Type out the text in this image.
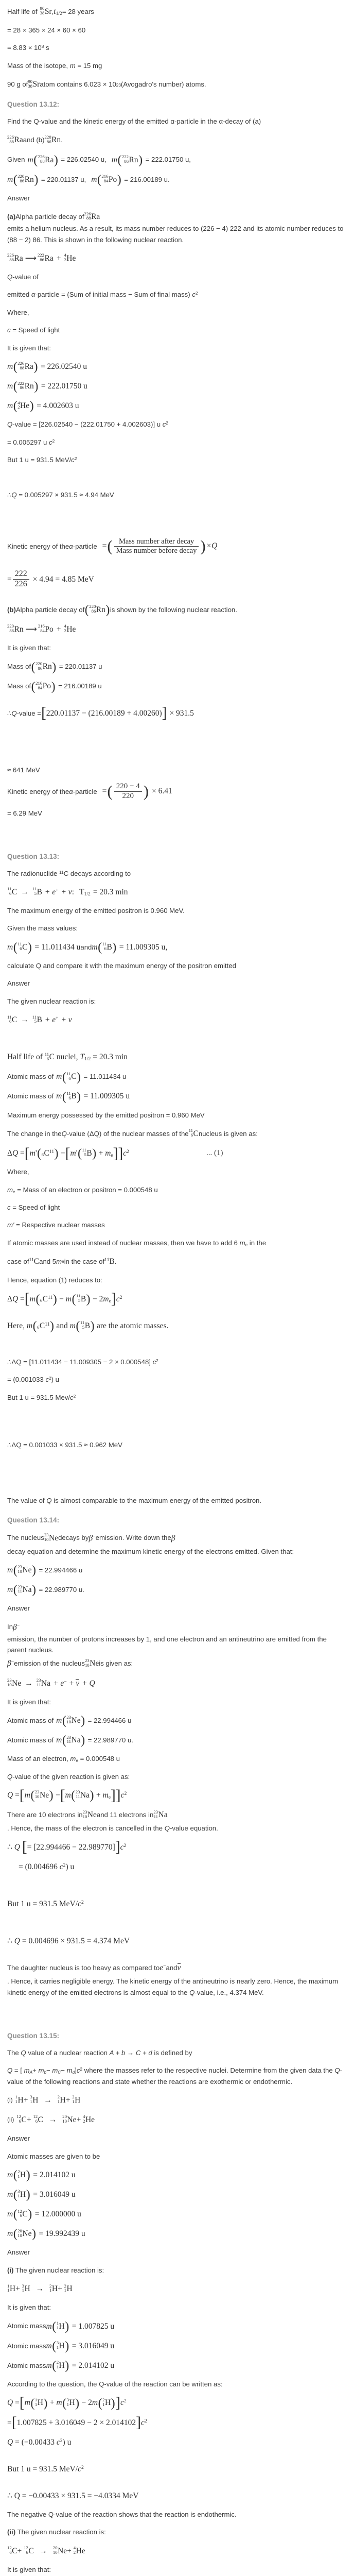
Half life of 90
38 Sr , $t_{1/2} = 28$ years

= 28 × 365 × 24 × 60 × 60

= $8.83 \times 10^8$ s

Mass of the isotope, m = 15 mg

90 g of 90
38 Sr atom contains 6.023 × 10 23 (Avogadro's number) atoms.
Question 13.12:

Find the Q-value and the kinetic energy of the emitted α-particle in the α-decay of (a)

226
88 Ra and (b) 220
86 Rn .
Given m( 226
88 Ra) = 226.02540 u, m( 222
86 Rn) = 222.01750 u,
m( 220
86 Rn) = 220.01137 u, m( 216
84 Po) = 216.00189 u.

Answer

(a) Alpha particle decay of 226
88 Ra

emits a helium nucleus. As a result, its mass number reduces to (226 − 4) 222 and its atomic number reduces to (88 − 2) 86. This is shown in the following nuclear reaction.

226
88 Ra ⟶ 222
86 Ra + 4
2 He

Q-value of

emitted α-particle = (Sum of initial mass − Sum of final mass) $c^2$

Where,

c = Speed of light

It is given that:

m( 226
88 Ra) = 226.02540 u
m( 222
86 Rn) = 222.01750 u
m( 4
2 He) = 4.002603 u

Q-value = [226.02540 − (222.01750 + 4.002603)] u $c^2$

= 0.005297 u $c^2$

But 1 u = 931.5 MeV/$c^2$

∴Q = 0.005297 × 931.5 ≈ 4.94 MeV

Kinetic energy of the α -particle =( $\frac{\text{Mass number after decay}}{\text{Mass number before decay}} )\times Q$
= $\frac{222}{226} \times 4.94 = 4.85$ MeV
(b) Alpha particle decay of ( 220
86 Rn) is shown by the following nuclear reaction.
220
86 Rn ⟶ 216
84 Po + 4
2 He

It is given that:

Mass of ( 220
86 Rn) = 220.01137 u
Mass of ( 216
84 Po) = 216.00189 u
∴ Q -value = [220.01137 − (216.00189 + 4.00260)] × 931.5

≈ 641 MeV

Kinetic energy of the α -particle =( $\frac{220 - 4}{220}$ ) × 6.41

= 6.29 MeV

Question 13.13:

The radionuclide $^{11}$C decays according to

11
6 C → 11
5 B + e+ + ν : $T_{1/2} = 20.3$ min

The maximum energy of the emitted positron is 0.960 MeV.

Given the mass values:

m( 11
6 C) = 11.011434 u and m( 11
6 B) = 11.009305 u,

calculate Q and compare it with the maximum energy of the positron emitted

Answer

The given nuclear reaction is:

11
6 C → 11
5 B + e+ + ν
Half life of 11
6 C nuclei, $T_{1/2} = 20.3$ min
Atomic mass of m( 11
6 C) = 11.011434 u
Atomic mass of m( 11
6 B) = 11.009305 u

Maximum energy possessed by the emitted positron = 0.960 MeV

The change in the Q -value (ΔQ) of the nuclear masses of the 11
6 C nucleus is given as:
ΔQ =[m'( 6 $C^{11}) -[m'$( 11
5 $B) + m_e]]c^2$	... (1)

Where,

$m_e$ = Mass of an electron or positron = 0.000548 u

c = Speed of light

m′ = Respective nuclear masses

If atomic masses are used instead of nuclear masses, then we have to add 6 $m_e$ in the

case of $^{11}$C and 5 m e in the case of $^{11}$B .

Hence, equation (1) reduces to:

ΔQ =[m( 6 $C^{11}) - m$( 11
5 $B) - 2m_e]c^2$
Here, m( 6 $C^{11}$) and m( 11
5 B) are the atomic masses.

∴ΔQ = [11.011434 − 11.009305 − 2 × 0.000548] $c^2$

= (0.001033 $c^2$) u

But 1 u = 931.5 Mev/$c^2$

∴ΔQ = 0.001033 × 931.5 ≈ 0.962 MeV

The value of Q is almost comparable to the maximum energy of the emitted positron.

Question 13.14:
The nucleus 23
10 Ne decays by β− emission. Write down the β

decay equation and determine the maximum kinetic energy of the electrons emitted. Given that:

m( 23
10 Ne) = 22.994466 u
m( 23
11 Na) = 22.989770 u.

Answer

In β−
emission, the number of protons increases by 1, and one electron and an antineutrino are emitted from the parent nucleus.
β− emission of the nucleus 23
10 Ne is given as:
23
10 Ne → 23
11 Na + e− + ν + Q

It is given that:

Atomic mass of m( 23
10 Ne) = 22.994466 u
Atomic mass of m( 23
11 Na) = 22.989770 u.

Mass of an electron, $m_e = 0.000548$ u

Q-value of the given reaction is given as:

Q =[m( 23
10 Ne) −[m( 23
11 $Na) + m_e]]c^2$
There are 10 electrons in 23
10 Ne and 11 electrons in 23
11 Na

. Hence, the mass of the electron is cancelled in the Q-value equation.

∴ Q [= $[22.994466 - 22.989770]]c^2$
= (0.004696 $c^2$) u

But 1 u = 931.5 MeV/$c^2$

∴ Q = 0.004696 × 931.5 = 4.374 MeV

The daughter nucleus is too heavy as compared to e− and ν

. Hence, it carries negligible energy. The kinetic energy of the antineutrino is nearly zero. Hence, the maximum kinetic energy of the emitted electrons is almost equal to the Q-value, i.e., 4.374 MeV.

Question 13.15:

The Q value of a nuclear reaction A + b → C + d is defined by

Q = [ $m_A+ m_b- m_C- m_d]c^2$ where the masses refer to the respective nuclei. Determine from the given data the Q-value of the following reactions and state whether the reactions are exothermic or endothermic.

(i) 1
1 H+ 3
1 H → 2
1 H+ 2
1 H
(ii) 12
6 C+ 12
6 C → 20
10 Ne+ 4
2 He

Answer

Atomic masses are given to be

m( 2
1 H) = 2.014102 u
m( 3
1 H) = 3.016049 u
m( 12
6 C) = 12.000000 u
m( 20
10 Ne) = 19.992439 u

Answer

(i) The given nuclear reaction is:

1
1 H+ 3
1 H → 2
1 H+ 2
1 H

It is given that:

Atomic mass m( 1
1 H) = 1.007825 u
Atomic mass m( 3
1 H) = 3.016049 u
Atomic mass m( 2
1 H) = 2.014102 u

According to the question, the Q-value of the reaction can be written as:

Q =[m( 1
1 H) + m( 3
1 H) − 2m( 2
1 $H)]c^2$
$=[1.007825 + 3.016049 - 2 \times 2.014102]c^2$
Q = (−0.00433 $c^2$) u

But 1 u = 931.5 MeV/$c^2$

∴ Q = −0.00433 × 931.5 = −4.0334 MeV

The negative Q-value of the reaction shows that the reaction is endothermic.

(ii) The given nuclear reaction is:

12
6 C+ 12
6 C → 20
10 Ne+ 4
2 He

It is given that:
